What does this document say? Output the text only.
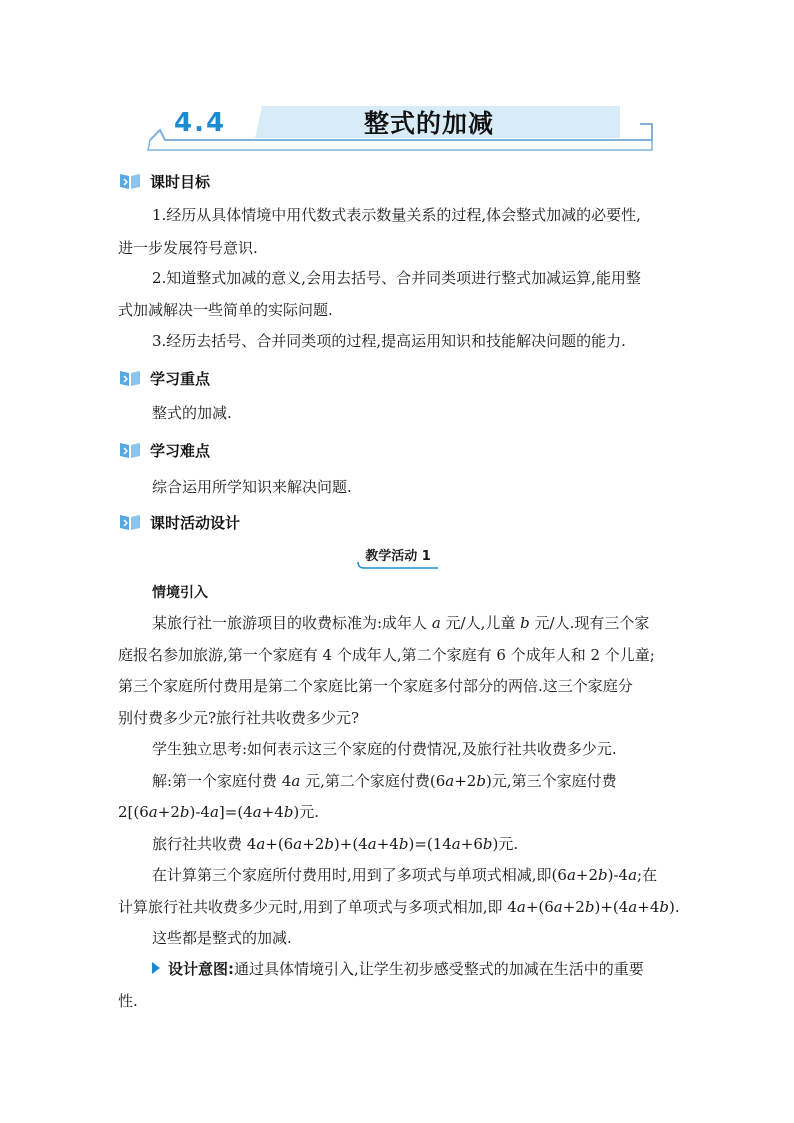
4.4	整式的加减
课时目标
1.经历从具体情境中用代数式表示数量关系的过程,体会整式加减的必要性,
进一步发展符号意识.
2.知道整式加减的意义,会用去括号、合并同类项进行整式加减运算,能用整
式加减解决一些简单的实际问题.
3.经历去括号、合并同类项的过程,提高运用知识和技能解决问题的能力.
学习重点
整式的加减.
学习难点
综合运用所学知识来解决问题.
课时活动设计
教学活动 1
情境引入
某旅行社一旅游项目的收费标准为:成年人 a 元/人,儿童 b 元/人.现有三个家
庭报名参加旅游,第一个家庭有 4 个成年人,第二个家庭有 6 个成年人和 2 个儿童;
第三个家庭所付费用是第二个家庭比第一个家庭多付部分的两倍.这三个家庭分
别付费多少元?旅行社共收费多少元?
学生独立思考:如何表示这三个家庭的付费情况,及旅行社共收费多少元.
解:第一个家庭付费 4a 元,第二个家庭付费(6a+2b)元,第三个家庭付费
2[(6a+2b)-4a]=(4a+4b)元.
旅行社共收费 4a+(6a+2b)+(4a+4b)=(14a+6b)元.
在计算第三个家庭所付费用时,用到了多项式与单项式相减,即(6a+2b)-4a;在
计算旅行社共收费多少元时,用到了单项式与多项式相加,即 4a+(6a+2b)+(4a+4b).
这些都是整式的加减.
设计意图:通过具体情境引入,让学生初步感受整式的加减在生活中的重要
性.
